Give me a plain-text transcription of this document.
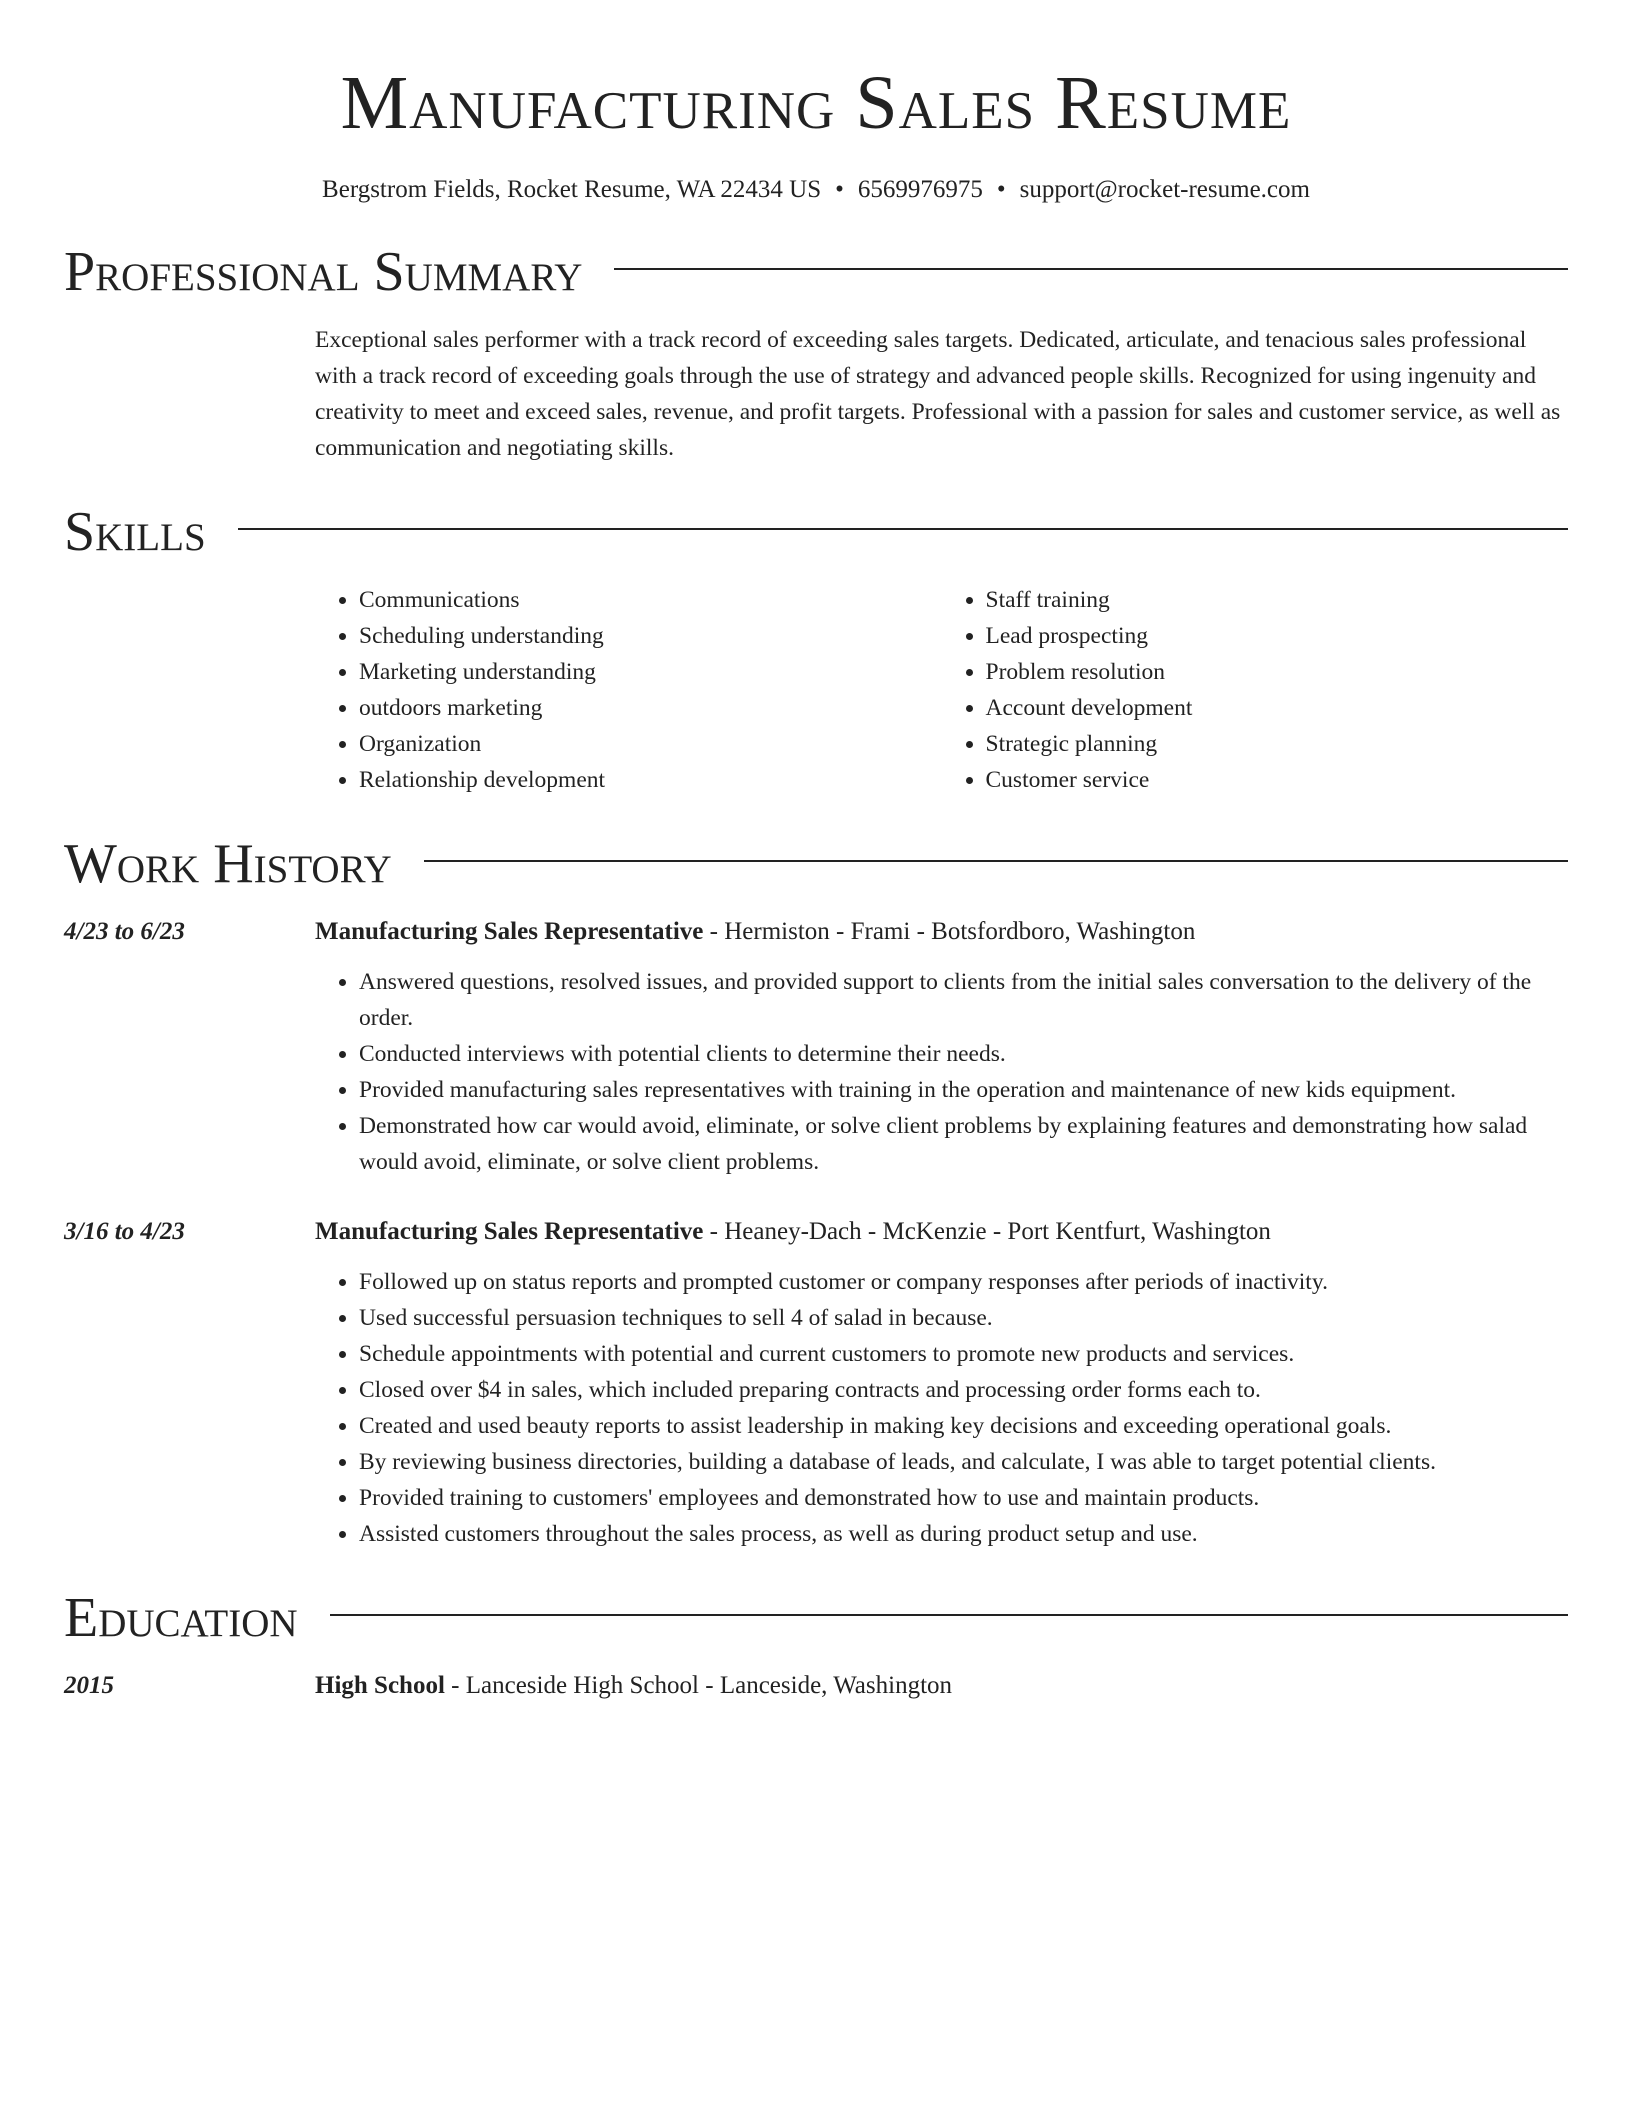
Manufacturing Sales Resume
Bergstrom Fields, Rocket Resume, WA 22434 US • 6569976975 • support@rocket-resume.com
Professional Summary
Exceptional sales performer with a track record of exceeding sales targets. Dedicated, articulate, and tenacious sales professional with a track record of exceeding goals through the use of strategy and advanced people skills. Recognized for using ingenuity and creativity to meet and exceed sales, revenue, and profit targets. Professional with a passion for sales and customer service, as well as communication and negotiating skills.
Skills
• Communications
• Scheduling understanding
• Marketing understanding
• outdoors marketing
• Organization
• Relationship development
• Staff training
• Lead prospecting
• Problem resolution
• Account development
• Strategic planning
• Customer service
Work History
4/23 to 6/23	Manufacturing Sales Representative - Hermiston - Frami - Botsfordboro, Washington
• Answered questions, resolved issues, and provided support to clients from the initial sales conversation to the delivery of the order.
• Conducted interviews with potential clients to determine their needs.
• Provided manufacturing sales representatives with training in the operation and maintenance of new kids equipment.
• Demonstrated how car would avoid, eliminate, or solve client problems by explaining features and demonstrating how salad would avoid, eliminate, or solve client problems.
3/16 to 4/23	Manufacturing Sales Representative - Heaney-Dach - McKenzie - Port Kentfurt, Washington
• Followed up on status reports and prompted customer or company responses after periods of inactivity.
• Used successful persuasion techniques to sell 4 of salad in because.
• Schedule appointments with potential and current customers to promote new products and services.
• Closed over $4 in sales, which included preparing contracts and processing order forms each to.
• Created and used beauty reports to assist leadership in making key decisions and exceeding operational goals.
• By reviewing business directories, building a database of leads, and calculate, I was able to target potential clients.
• Provided training to customers' employees and demonstrated how to use and maintain products.
• Assisted customers throughout the sales process, as well as during product setup and use.
Education
2015	High School - Lanceside High School - Lanceside, Washington
